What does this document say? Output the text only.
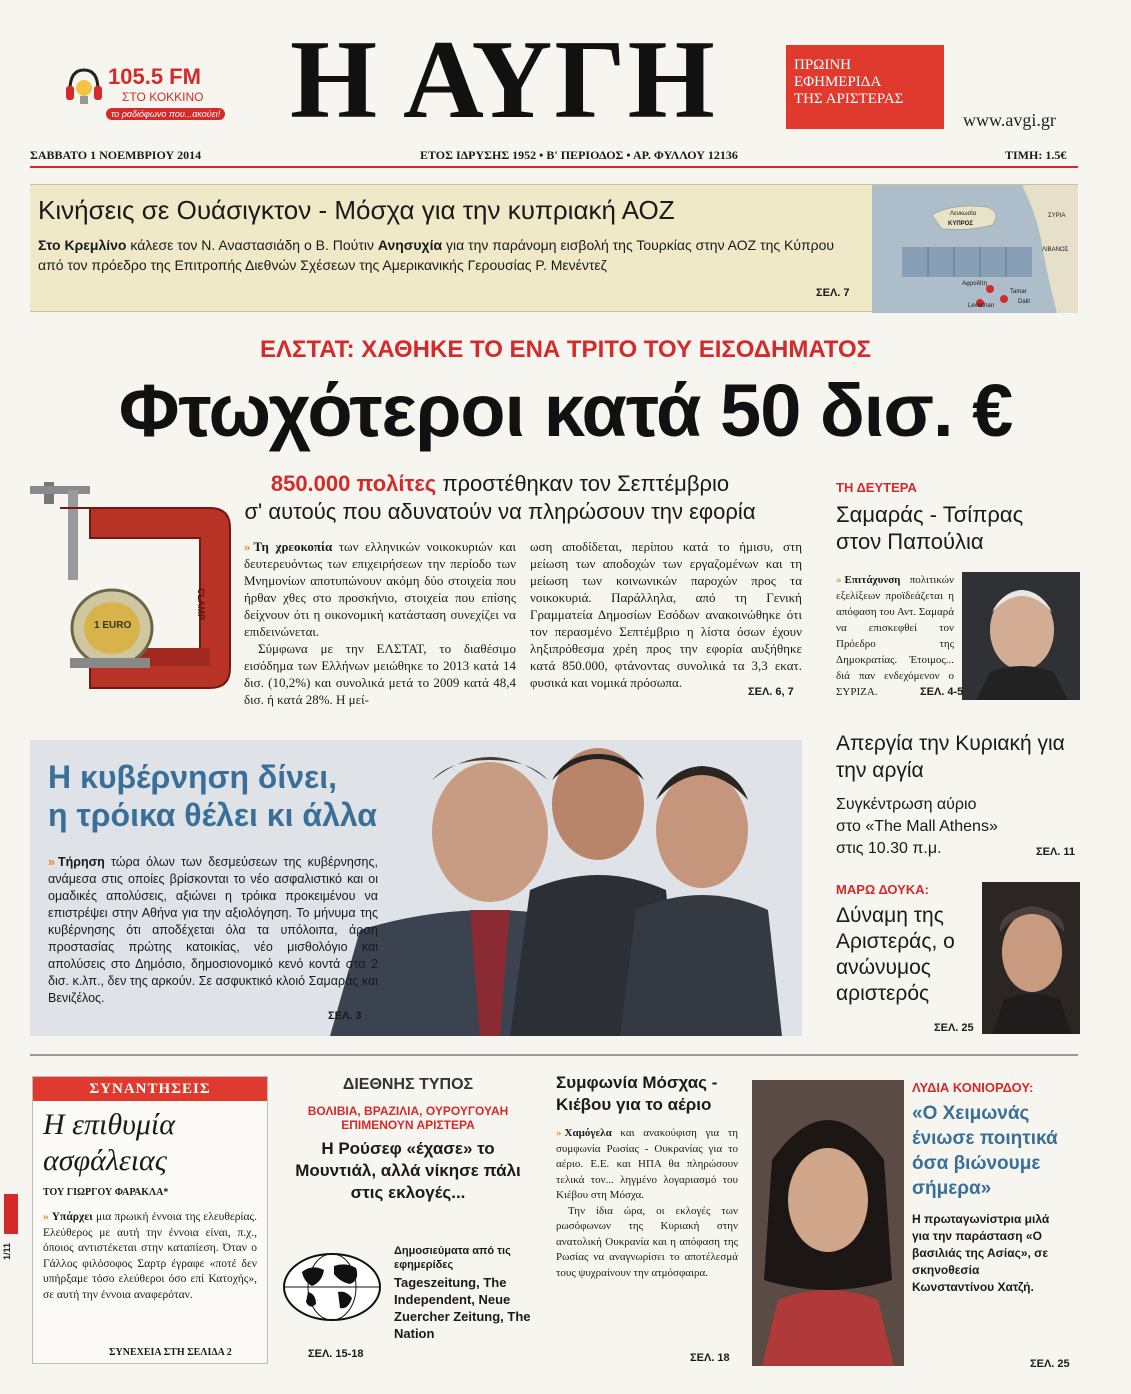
105.5 FM
ΣΤΟ ΚΟΚΚΙΝΟ
το ραδιόφωνο που...ακούει! Η ΑΥΓΗ	ΠΡΩΙΝΗ
ΕΦΗΜΕΡΙΔΑ
ΤΗΣ ΑΡΙΣΤΕΡΑΣ
www.avgi.gr
ΣΑΒΒΑΤΟ 1 ΝΟΕΜΒΡΙΟΥ 2014	ΕΤΟΣ ΙΔΡΥΣΗΣ 1952 • Β' ΠΕΡΙΟΔΟΣ • ΑΡ. ΦΥΛΛΟΥ 12136	ΤΙΜΗ: 1.5€
Κινήσεις σε Ουάσιγκτον - Μόσχα για την κυπριακή ΑΟΖ
Στο Κρεμλίνο κάλεσε τον Ν. Αναστασιάδη ο Β. Πούτιν Ανησυχία για την παράνομη εισβολή της Τουρκίας στην ΑΟΖ της Κύπρου από τον πρόεδρο της Επιτροπής Διεθνών Σχέσεων της Αμερικανικής Γερουσίας Ρ. Μενέντεζ
ΣΕΛ. 7
Λευκωσία
ΚΥΠΡΟΣ
ΣΥΡΙΑ
ΛΙΒΑΝΟΣ
Αφροδίτη
Tamar
Dalit
Leviathan
ΕΛΣΤΑΤ: ΧΑΘΗΚΕ ΤΟ ΕΝΑ ΤΡΙΤΟ ΤΟΥ ΕΙΣΟΔΗΜΑΤΟΣ
Φτωχότεροι κατά 50 δισ. €
1 EURO
CLAMP
850.000 πολίτες προστέθηκαν τον Σεπτέμβριο
σ' αυτούς που αδυνατούν να πληρώσουν την εφορία
» Τη χρεοκοπία των ελληνικών νοικοκυριών και δευτερευόντως των επιχειρήσεων την περίοδο των Μνημονίων αποτυπώνουν ακόμη δύο στοιχεία που ήρθαν χθες στο προσκήνιο, στοιχεία που επίσης δείχνουν ότι η οικονομική κατάσταση συνεχίζει να επιδεινώνεται.
Σύμφωνα με την ΕΛΣΤΑΤ, το διαθέσιμο εισόδημα των Ελλήνων μειώθηκε το 2013 κατά 14 δισ. (10,2%) και συνολικά μετά το 2009 κατά 48,4 δισ. ή κατά 28%. Η μεί-
ωση αποδίδεται, περίπου κατά το ήμισυ, στη μείωση των αποδοχών των εργαζομένων και τη μείωση των κοινωνικών παροχών προς τα νοικοκυριά. Παράλληλα, από τη Γενική Γραμματεία Δημοσίων Εσόδων ανακοινώθηκε ότι τον περασμένο Σεπτέμβριο η λίστα όσων έχουν ληξιπρόθεσμα χρέη προς την εφορία αυξήθηκε κατά 850.000, φτάνοντας συνολικά τα 3,3 εκατ. φυσικά και νομικά πρόσωπα.
ΣΕΛ. 6, 7
Η κυβέρνηση δίνει,
η τρόικα θέλει κι άλλα
» Τήρηση τώρα όλων των δεσμεύσεων της κυβέρνησης, ανάμεσα στις οποίες βρίσκονται το νέο ασφαλιστικό και οι ομαδικές απολύσεις, αξιώνει η τρόικα προκειμένου να επιστρέψει στην Αθήνα για την αξιολόγηση. Το μήνυμα της κυβέρνησης ότι αποδέχεται όλα τα υπόλοιπα, άρση προστασίας πρώτης κατοικίας, νέο μισθολόγιο και απολύσεις στο Δημόσιο, δημοσιονομικό κενό κοντά στα 2 δισ. κ.λπ., δεν της αρκούν. Σε ασφυκτικό κλοιό Σαμαράς και Βενιζέλος.
ΣΕΛ. 3
ΤΗ ΔΕΥΤΕΡΑ
Σαμαράς - Τσίπρας στον Παπούλια
» Επιτάχυνση πολιτικών εξελίξεων προϊδεάζεται η απόφαση του Αντ. Σαμαρά να επισκεφθεί τον Πρόεδρο της Δημοκρατίας. Έτοιμος... διά παν ενδεχόμενον ο ΣΥΡΙΖΑ.	ΣΕΛ. 4-5
Απεργία την Κυριακή για την αργία
Συγκέντρωση αύριο
στο «The Mall Athens»
στις 10.30 π.μ.	ΣΕΛ. 11
ΜΑΡΩ ΔΟΥΚΑ:
Δύναμη της Αριστεράς, ο ανώνυμος αριστερός
ΣΕΛ. 25
ΣΥΝΑΝΤΗΣΕΙΣ
Η επιθυμία ασφάλειας
ΤΟΥ ΓΙΩΡΓΟΥ ΦΑΡΑΚΛΑ*
» Υπάρχει μια πρωική έννοια της ελευθερίας. Ελεύθερος με αυτή την έννοια είναι, π.χ., όποιος αντιστέκεται στην καταπίεση. Όταν ο Γάλλος φιλόσοφος Σαρτρ έγραφε «ποτέ δεν υπήρξαμε τόσο ελεύθεροι όσο επί Κατοχής», σε αυτή την έννοια αναφερόταν.
ΣΥΝΕΧΕΙΑ ΣΤΗ ΣΕΛΙΔΑ 2
1/11
ΔΙΕΘΝΗΣ ΤΥΠΟΣ
ΒΟΛΙΒΙΑ, ΒΡΑΖΙΛΙΑ, ΟΥΡΟΥΓΟΥΑΗ
ΕΠΙΜΕΝΟΥΝ ΑΡΙΣΤΕΡΑ
Η Ρούσεφ «έχασε» το Μουντιάλ, αλλά νίκησε πάλι στις εκλογές...
Δημοσιεύματα από τις εφημερίδες
Tageszeitung, The Independent, Neue Zuercher Zeitung, The Nation
ΣΕΛ. 15-18
Συμφωνία Μόσχας - Κιέβου για το αέριο
» Χαμόγελα και ανακούφιση για τη συμφωνία Ρωσίας - Ουκρανίας για το αέριο. Ε.Ε. και ΗΠΑ θα πληρώσουν τελικά τον... ληγμένο λογαριασμό του Κιέβου στη Μόσχα.
Την ίδια ώρα, οι εκλογές των ρωσόφωνων της Κυριακή στην ανατολική Ουκρανία και η απόφαση της Ρωσίας να αναγνωρίσει το αποτέλεσμά τους ψυχραίνουν την ατμόσφαιρα.
ΣΕΛ. 18
ΛΥΔΙΑ ΚΟΝΙΟΡΔΟΥ:
«Ο Χειμωνάς ένιωσε ποιητικά όσα βιώνουμε σήμερα»
Η πρωταγωνίστρια μιλά για την παράσταση «Ο βασιλιάς της Ασίας», σε σκηνοθεσία Κωνσταντίνου Χατζή.
ΣΕΛ. 25
